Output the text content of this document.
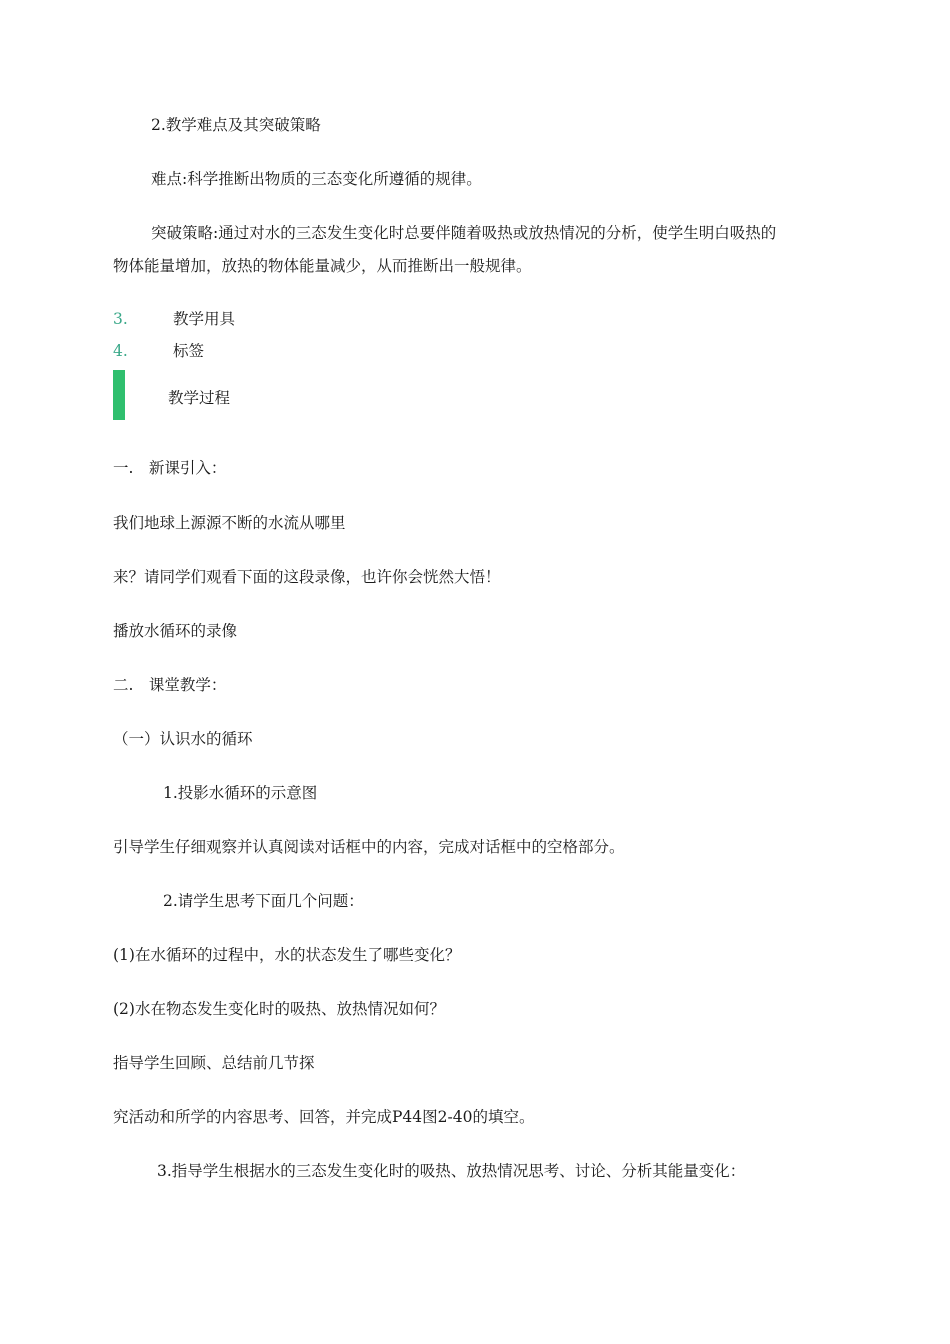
2.教学难点及其突破策略
难点:科学推断出物质的三态变化所遵循的规律。
突破策略:通过对水的三态发生变化时总要伴随着吸热或放热情况的分析，使学生明白吸热的
物体能量增加，放热的物体能量减少，从而推断出一般规律。
3.	教学用具
4.	标签
教学过程
一.　新课引入：
我们地球上源源不断的水流从哪里
来？请同学们观看下面的这段录像，也许你会恍然大悟！
播放水循环的录像
二.　课堂教学：
（一）认识水的循环
1.投影水循环的示意图
引导学生仔细观察并认真阅读对话框中的内容，完成对话框中的空格部分。
2.请学生思考下面几个问题：
(1)在水循环的过程中，水的状态发生了哪些变化？
(2)水在物态发生变化时的吸热、放热情况如何？
指导学生回顾、总结前几节探
究活动和所学的内容思考、回答，并完成P44图2-40的填空。
3.指导学生根据水的三态发生变化时的吸热、放热情况思考、讨论、分析其能量变化：
